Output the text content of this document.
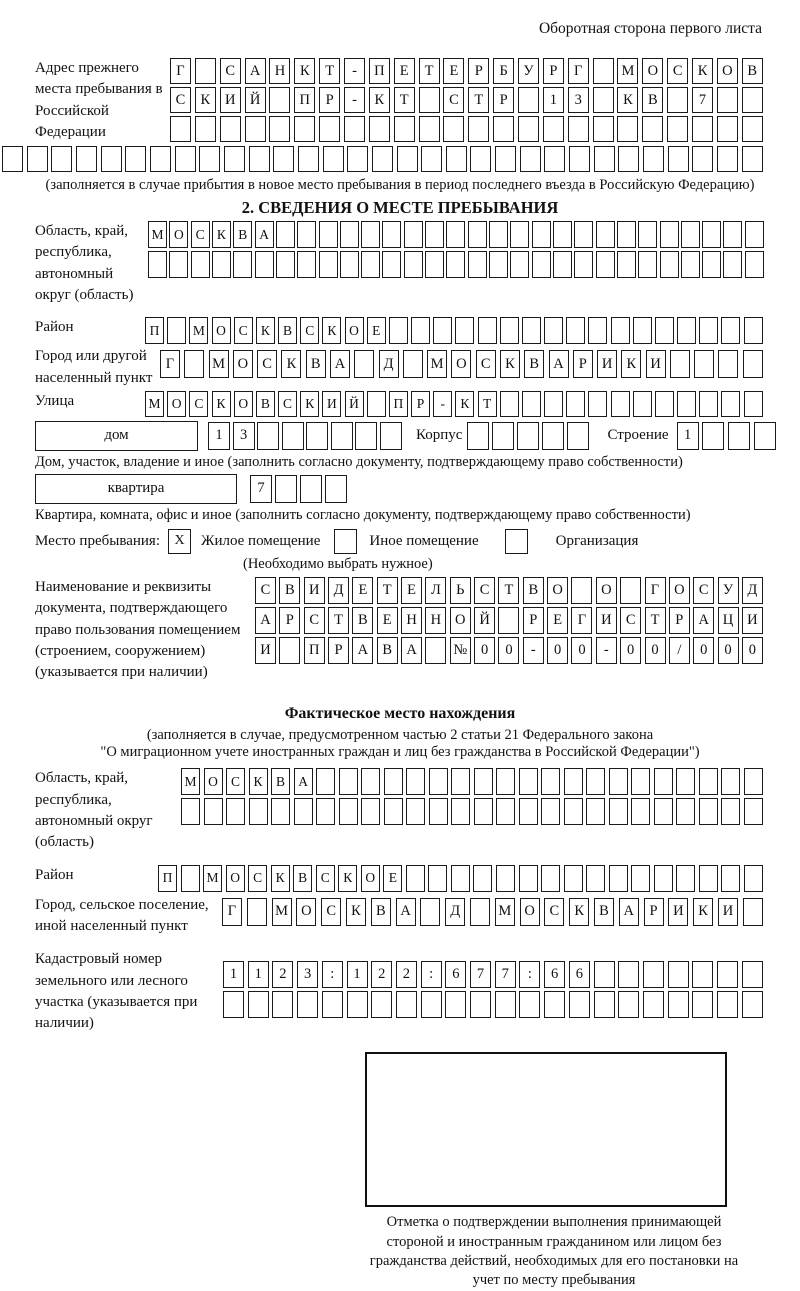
Оборотная сторона первого листа
Адрес прежнего места пребывания в Российской Федерации
Г	С	А Н	К	Т	-	П	Е	Т	Е	Р	Б	У	Р	Г	М О	С	К	О	В
С	К	И Й	П	Р	-	К	Т	С	Т	Р	1	3	К	В	7
(заполняется в случае прибытия в новое место пребывания в период последнего въезда в Российскую Федерацию)
2. СВЕДЕНИЯ О МЕСТЕ ПРЕБЫВАНИЯ
Область, край, республика, автономный округ (область)
М О С К В А
Район	П	М О С К В С К О Е
Город или другой населенный пункт
Г	М О С	К	В А	Д	М О С	К	В А	Р	И К И
Улица	М О С К О В С К И Й	П	Р	-	К	Т
дом	1	3	Корпус	Строение	1
Дом, участок, владение и иное (заполнить согласно документу, подтверждающему право собственности)
квартира	7
Квартира, комната, офис и иное (заполнить согласно документу, подтверждающему право собственности)
Место пребывания:	X	Жилое помещение	Иное помещение	Организация
(Необходимо выбрать нужное)
Наименование и реквизиты документа, подтверждающего право пользования помещением (строением, сооружением) (указывается при наличии)
С	В И Д	Е	Т	Е	Л	Ь	С	Т	В О	О	Г	О С У Д
А	Р	С	Т	В	Е	Н Н О Й	Р	Е	Г	И С	Т	Р	А Ц И
И	П	Р	А В А	№ 0	0	-	0	0	-	0	0	/	0	0	0
Фактическое место нахождения
(заполняется в случае, предусмотренном частью 2 статьи 21 Федерального закона
"О миграционном учете иностранных граждан и лиц без гражданства в Российской Федерации")
Область, край, республика, автономный округ (область)
М О С	К	В А
Район	П	М О С	К	В	С	К О	Е
Город, сельское поселение, иной населенный пункт
Г	М О	С	К	В	А	Д	М О	С	К	В	А	Р	И	К	И
Кадастровый номер земельного или лесного участка (указывается при наличии)
1	1	2	3	:	1	2	2	:	6	7	7	:	6	6
Отметка о подтверждении выполнения принимающей стороной и иностранным гражданином или лицом без гражданства действий, необходимых для его постановки на учет по месту пребывания
